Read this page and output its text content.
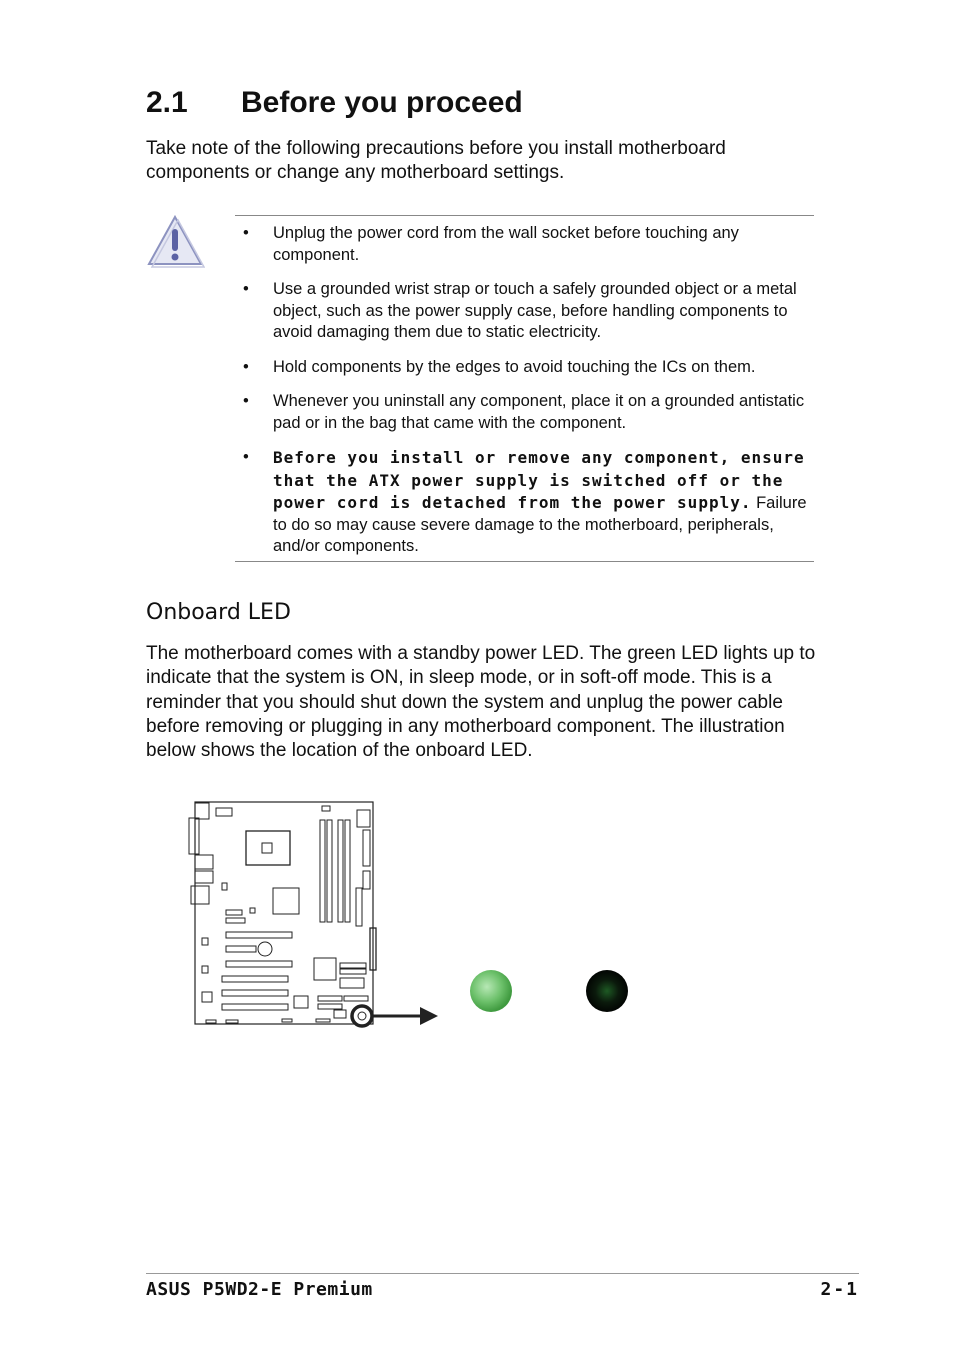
2.1 Before you proceed
Take note of the following precautions before you install motherboard components or change any motherboard settings.
• Unplug the power cord from the wall socket before touching any component.
• Use a grounded wrist strap or touch a safely grounded object or a metal object, such as the power supply case, before handling components to avoid damaging them due to static electricity.
• Hold components by the edges to avoid touching the ICs on them.
• Whenever you uninstall any component, place it on a grounded antistatic pad or in the bag that came with the component.
• Before you install or remove any component, ensure that the ATX power supply is switched off or the power cord is detached from the power supply. Failure to do so may cause severe damage to the motherboard, peripherals, and/or components.
Onboard LED
The motherboard comes with a standby power LED. The green LED lights up to indicate that the system is ON, in sleep mode, or in soft-off mode. This is a reminder that you should shut down the system and unplug the power cable before removing or plugging in any motherboard component. The illustration below shows the location of the onboard LED.
ASUS P5WD2-E Premium	2-1
